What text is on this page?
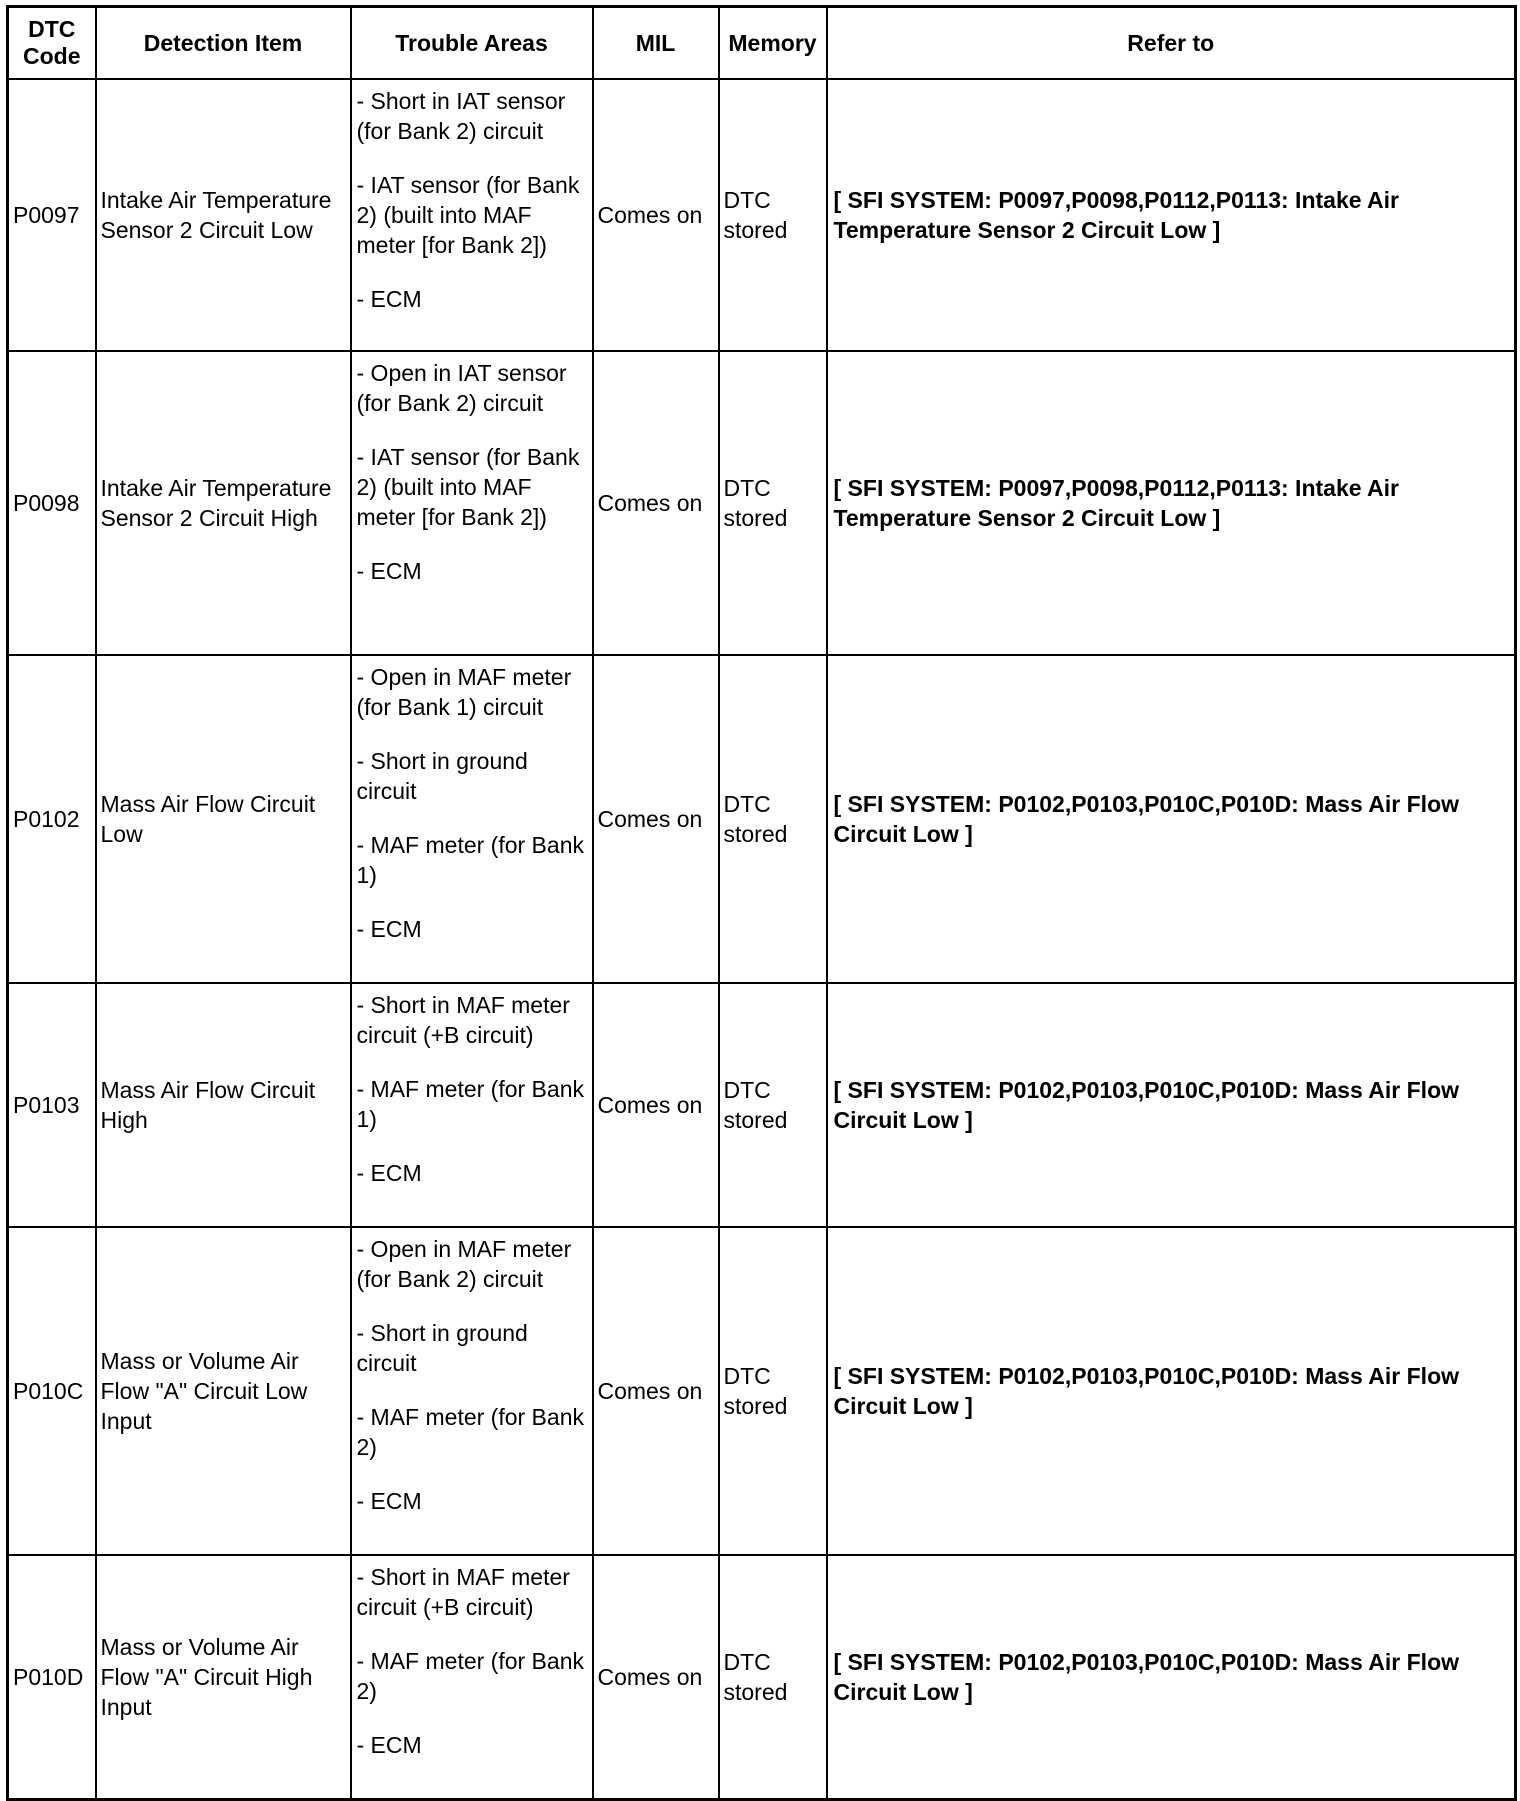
DTC
Code	Detection Item	Trouble Areas	MIL	Memory	Refer to
P0097	Intake Air Temperature Sensor 2 Circuit Low	- Short in IAT sensor (for Bank 2) circuit
- IAT sensor (for Bank 2) (built into MAF meter [for Bank 2])
- ECM	Comes on	DTC stored	[ SFI SYSTEM: P0097,P0098,P0112,P0113: Intake Air Temperature Sensor 2 Circuit Low ]
P0098	Intake Air Temperature Sensor 2 Circuit High	- Open in IAT sensor (for Bank 2) circuit
- IAT sensor (for Bank 2) (built into MAF meter [for Bank 2])
- ECM	Comes on	DTC stored	[ SFI SYSTEM: P0097,P0098,P0112,P0113: Intake Air Temperature Sensor 2 Circuit Low ]
P0102	Mass Air Flow Circuit Low	- Open in MAF meter (for Bank 1) circuit
- Short in ground circuit
- MAF meter (for Bank 1)
- ECM	Comes on	DTC stored	[ SFI SYSTEM: P0102,P0103,P010C,P010D: Mass Air Flow Circuit Low ]
P0103	Mass Air Flow Circuit High	- Short in MAF meter circuit (+B circuit)
- MAF meter (for Bank 1)
- ECM	Comes on	DTC stored	[ SFI SYSTEM: P0102,P0103,P010C,P010D: Mass Air Flow Circuit Low ]
P010C	Mass or Volume Air Flow "A" Circuit Low Input	- Open in MAF meter (for Bank 2) circuit
- Short in ground circuit
- MAF meter (for Bank 2)
- ECM	Comes on	DTC stored	[ SFI SYSTEM: P0102,P0103,P010C,P010D: Mass Air Flow Circuit Low ]
P010D	Mass or Volume Air Flow "A" Circuit High Input	- Short in MAF meter circuit (+B circuit)
- MAF meter (for Bank 2)
- ECM	Comes on	DTC stored	[ SFI SYSTEM: P0102,P0103,P010C,P010D: Mass Air Flow Circuit Low ]
